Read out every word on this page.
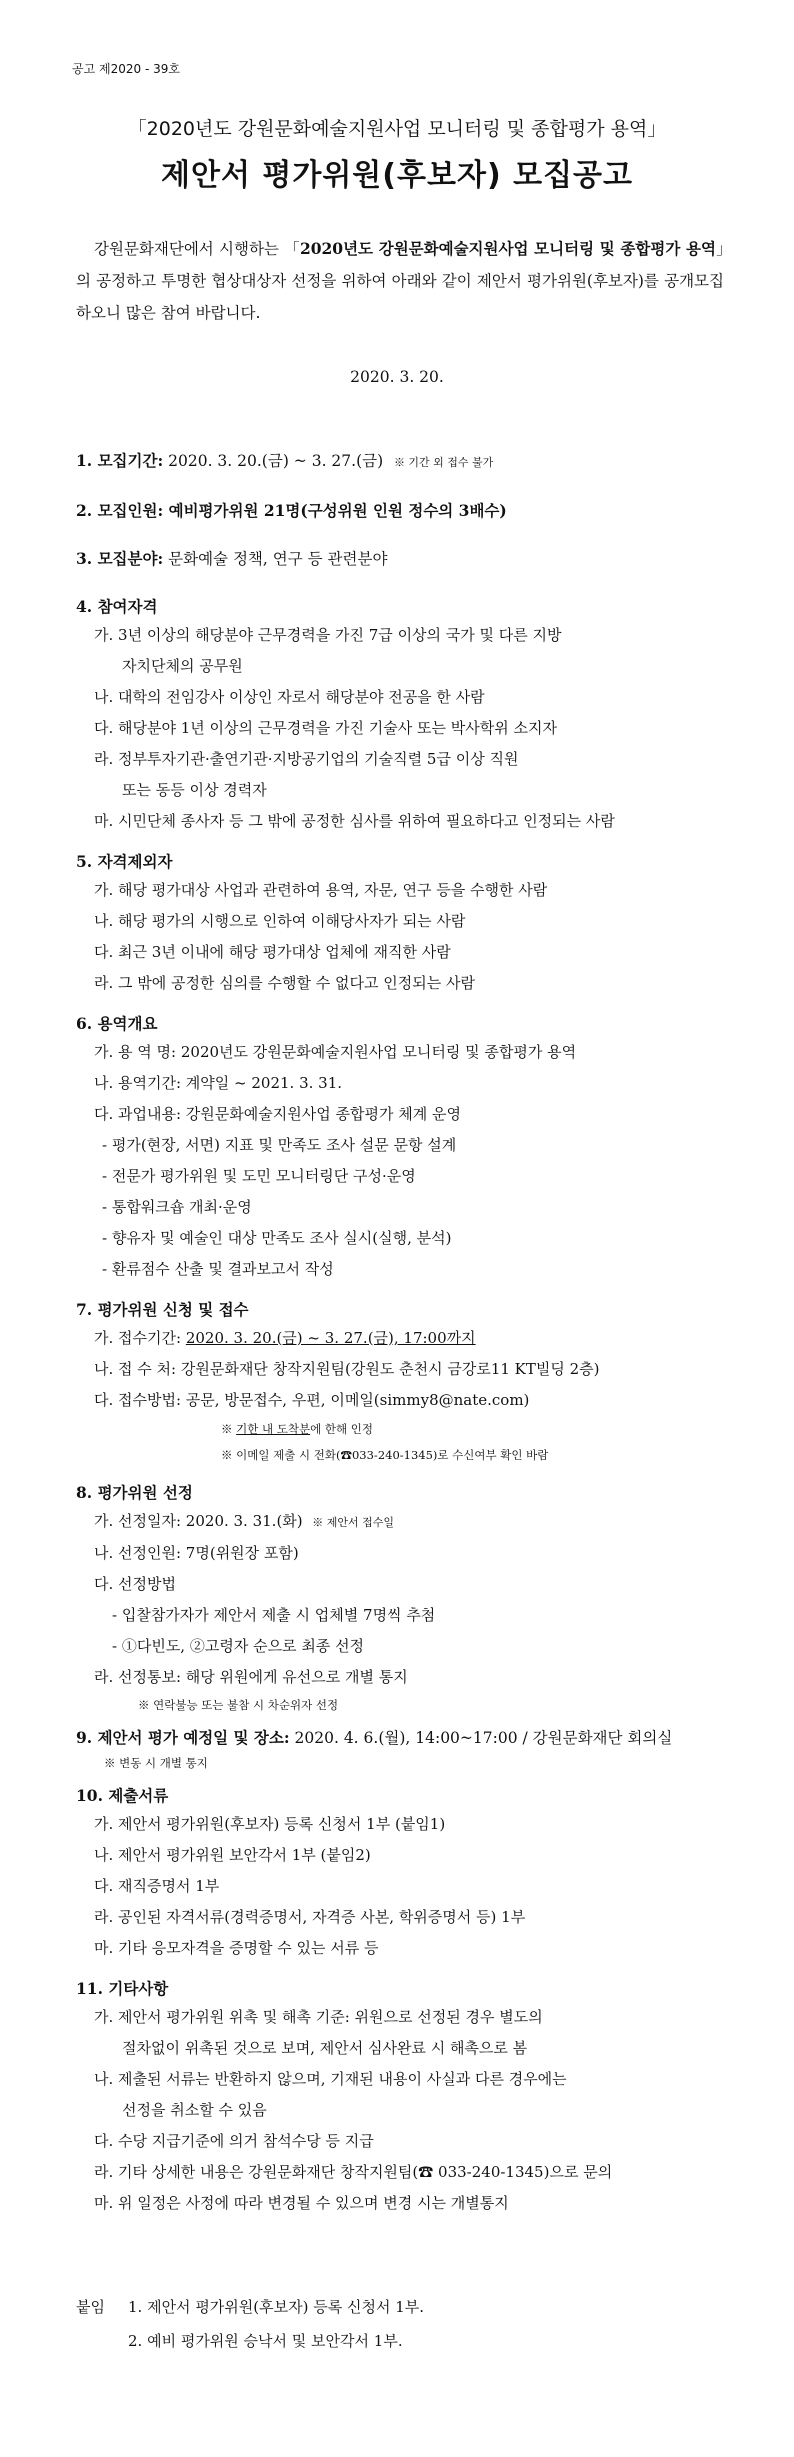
공고 제2020 - 39호
「2020년도 강원문화예술지원사업 모니터링 및 종합평가 용역」
제안서 평가위원(후보자) 모집공고
강원문화재단에서 시행하는 「2020년도 강원문화예술지원사업 모니터링 및 종합평가 용역」의 공정하고 투명한 협상대상자 선정을 위하여 아래와 같이 제안서 평가위원(후보자)를 공개모집 하오니 많은 참여 바랍니다.
2020. 3. 20.
1. 모집기간: 2020. 3. 20.(금) ~ 3. 27.(금) ※ 기간 외 접수 불가
2. 모집인원: 예비평가위원 21명(구성위원 인원 정수의 3배수)
3. 모집분야: 문화예술 정책, 연구 등 관련분야
4. 참여자격
가. 3년 이상의 해당분야 근무경력을 가진 7급 이상의 국가 및 다른 지방
자치단체의 공무원
나. 대학의 전임강사 이상인 자로서 해당분야 전공을 한 사람
다. 해당분야 1년 이상의 근무경력을 가진 기술사 또는 박사학위 소지자
라. 정부투자기관·출연기관·지방공기업의 기술직렬 5급 이상 직원
또는 동등 이상 경력자
마. 시민단체 종사자 등 그 밖에 공정한 심사를 위하여 필요하다고 인정되는 사람
5. 자격제외자
가. 해당 평가대상 사업과 관련하여 용역, 자문, 연구 등을 수행한 사람
나. 해당 평가의 시행으로 인하여 이해당사자가 되는 사람
다. 최근 3년 이내에 해당 평가대상 업체에 재직한 사람
라. 그 밖에 공정한 심의를 수행할 수 없다고 인정되는 사람
6. 용역개요
가. 용 역 명: 2020년도 강원문화예술지원사업 모니터링 및 종합평가 용역
나. 용역기간: 계약일 ~ 2021. 3. 31.
다. 과업내용: 강원문화예술지원사업 종합평가 체계 운영
- 평가(현장, 서면) 지표 및 만족도 조사 설문 문항 설계
- 전문가 평가위원 및 도민 모니터링단 구성·운영
- 통합워크숍 개최·운영
- 향유자 및 예술인 대상 만족도 조사 실시(실행, 분석)
- 환류점수 산출 및 결과보고서 작성
7. 평가위원 신청 및 접수
가. 접수기간: 2020. 3. 20.(금) ~ 3. 27.(금), 17:00까지
나. 접 수 처: 강원문화재단 창작지원팀(강원도 춘천시 금강로11 KT빌딩 2층)
다. 접수방법: 공문, 방문접수, 우편, 이메일(simmy8@nate.com)
※ 기한 내 도착분에 한해 인정
※ 이메일 제출 시 전화(☎033-240-1345)로 수신여부 확인 바람
8. 평가위원 선정
가. 선정일자: 2020. 3. 31.(화) ※ 제안서 접수일
나. 선정인원: 7명(위원장 포함)
다. 선정방법
- 입찰참가자가 제안서 제출 시 업체별 7명씩 추첨
- ①다빈도, ②고령자 순으로 최종 선정
라. 선정통보: 해당 위원에게 유선으로 개별 통지
※ 연락불능 또는 불참 시 차순위자 선정
9. 제안서 평가 예정일 및 장소: 2020. 4. 6.(월), 14:00~17:00 / 강원문화재단 회의실
※ 변동 시 개별 통지
10. 제출서류
가. 제안서 평가위원(후보자) 등록 신청서 1부 (붙임1)
나. 제안서 평가위원 보안각서 1부 (붙임2)
다. 재직증명서 1부
라. 공인된 자격서류(경력증명서, 자격증 사본, 학위증명서 등) 1부
마. 기타 응모자격을 증명할 수 있는 서류 등
11. 기타사항
가. 제안서 평가위원 위촉 및 해촉 기준: 위원으로 선정된 경우 별도의
절차없이 위촉된 것으로 보며, 제안서 심사완료 시 해촉으로 봄
나. 제출된 서류는 반환하지 않으며, 기재된 내용이 사실과 다른 경우에는
선정을 취소할 수 있음
다. 수당 지급기준에 의거 참석수당 등 지급
라. 기타 상세한 내용은 강원문화재단 창작지원팀(☎ 033-240-1345)으로 문의
마. 위 일정은 사정에 따라 변경될 수 있으며 변경 시는 개별통지
붙임 1. 제안서 평가위원(후보자) 등록 신청서 1부.
2. 예비 평가위원 승낙서 및 보안각서 1부.
